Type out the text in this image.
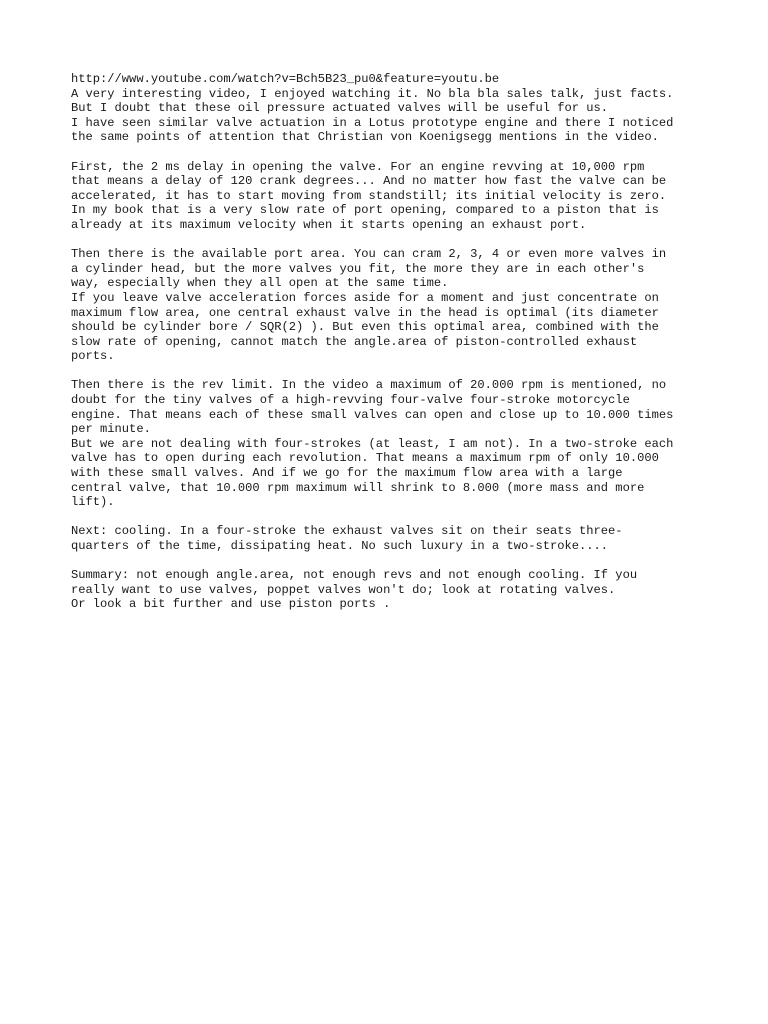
http://www.youtube.com/watch?v=Bch5B23_pu0&feature=youtu.be
A very interesting video, I enjoyed watching it. No bla bla sales talk, just facts.
But I doubt that these oil pressure actuated valves will be useful for us.
I have seen similar valve actuation in a Lotus prototype engine and there I noticed
the same points of attention that Christian von Koenigsegg mentions in the video.
First, the 2 ms delay in opening the valve. For an engine revving at 10,000 rpm
that means a delay of 120 crank degrees... And no matter how fast the valve can be
accelerated, it has to start moving from standstill; its initial velocity is zero.
In my book that is a very slow rate of port opening, compared to a piston that is
already at its maximum velocity when it starts opening an exhaust port.
Then there is the available port area. You can cram 2, 3, 4 or even more valves in
a cylinder head, but the more valves you fit, the more they are in each other's
way, especially when they all open at the same time.
If you leave valve acceleration forces aside for a moment and just concentrate on
maximum flow area, one central exhaust valve in the head is optimal (its diameter
should be cylinder bore / SQR(2) ). But even this optimal area, combined with the
slow rate of opening, cannot match the angle.area of piston-controlled exhaust
ports.
Then there is the rev limit. In the video a maximum of 20.000 rpm is mentioned, no
doubt for the tiny valves of a high-revving four-valve four-stroke motorcycle
engine. That means each of these small valves can open and close up to 10.000 times
per minute.
But we are not dealing with four-strokes (at least, I am not). In a two-stroke each
valve has to open during each revolution. That means a maximum rpm of only 10.000
with these small valves. And if we go for the maximum flow area with a large
central valve, that 10.000 rpm maximum will shrink to 8.000 (more mass and more
lift).
Next: cooling. In a four-stroke the exhaust valves sit on their seats three-
quarters of the time, dissipating heat. No such luxury in a two-stroke....
Summary: not enough angle.area, not enough revs and not enough cooling. If you
really want to use valves, poppet valves won't do; look at rotating valves.
Or look a bit further and use piston ports .
